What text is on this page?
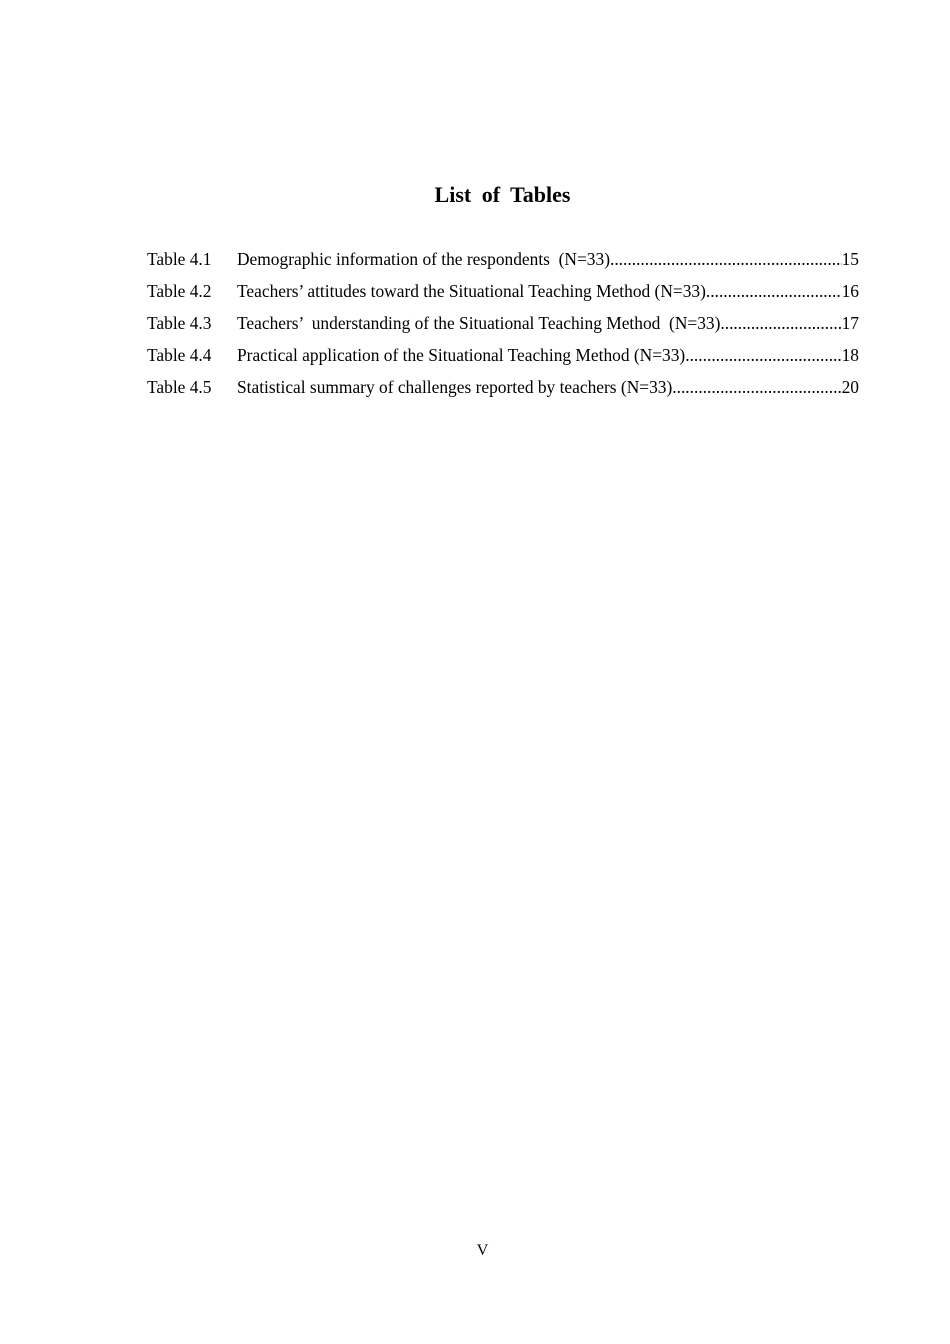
List of Tables
Table 4.1	Demographic information of the respondents  (N=33) .....	15
Table 4.2	Teachers’ attitudes toward the Situational Teaching Method (N=33) .....	16
Table 4.3	Teachers’  understanding of the Situational Teaching Method  (N=33) .....	17
Table 4.4	Practical application of the Situational Teaching Method (N=33) .....	18
Table 4.5	Statistical summary of challenges reported by teachers (N=33) .....	20
V
